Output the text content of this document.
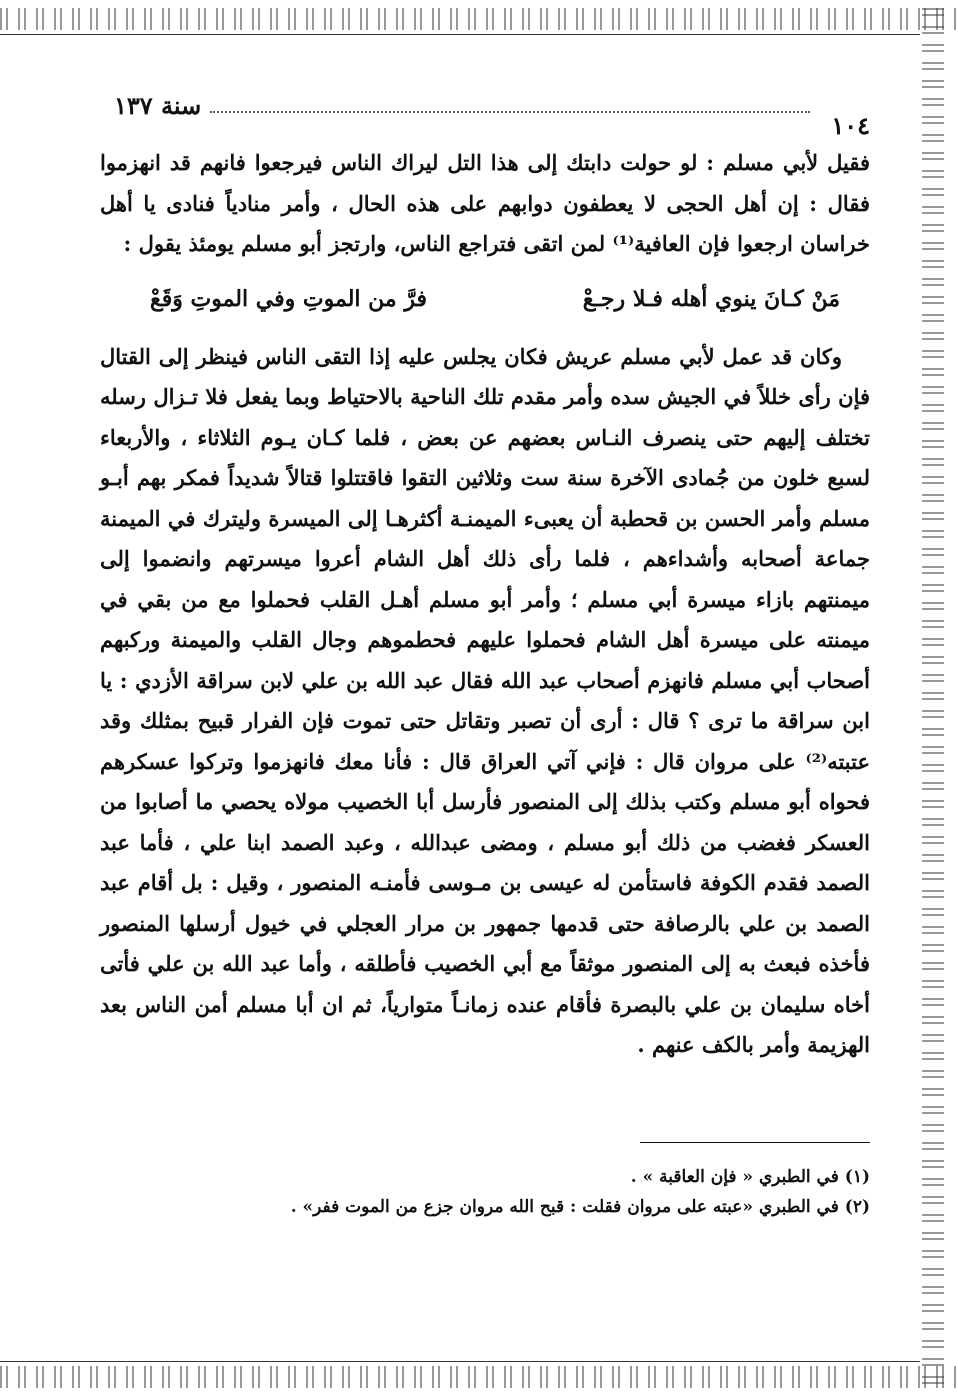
سنة ١٣٧
١٠٤

فقيل لأبي مسلم : لو حولت دابتك إلى هذا التل ليراك الناس فيرجعوا فانهم قد انهزموا فقال : إن أهل الحجى لا يعطفون دوابهم على هذه الحال ، وأمر منادياً فنادى يا أهل خراسان ارجعوا فإن العافية⁽¹⁾ لمن اتقى فتراجع الناس، وارتجز أبو مسلم يومئذ يقول :

مَنْ كـانَ ينوي أهله فـلا رجـعْ
فرَّ من الموتِ وفي الموتِ وَقَعْ

وكان قد عمل لأبي مسلم عريش فكان يجلس عليه إذا التقى الناس فينظر إلى القتال فإن رأى خللاً في الجيش سده وأمر مقدم تلك الناحية بالاحتياط وبما يفعل فلا تـزال رسله تختلف إليهم حتى ينصرف النـاس بعضهم عن بعض ، فلما كـان يـوم الثلاثاء ، والأربعاء لسبع خلون من جُمادى الآخرة سنة ست وثلاثين التقوا فاقتتلوا قتالاً شديداً فمكر بهم أبـو مسلم وأمر الحسن بن قحطبة أن يعبىء الميمنـة أكثرهـا إلى الميسرة وليترك في الميمنة جماعة أصحابه وأشداءهم ، فلما رأى ذلك أهل الشام أعروا ميسرتهم وانضموا إلى ميمنتهم بازاء ميسرة أبي مسلم ؛ وأمر أبو مسلم أهـل القلب فحملوا مع من بقي في ميمنته على ميسرة أهل الشام فحملوا عليهم فحطموهم وجال القلب والميمنة وركبهم أصحاب أبي مسلم فانهزم أصحاب عبد الله فقال عبد الله بن علي لابن سراقة الأزدي : يا ابن سراقة ما ترى ؟ قال : أرى أن تصبر وتقاتل حتى تموت فإن الفرار قبيح بمثلك وقد عتبته⁽²⁾ على مروان قال : فإني آتي العراق قال : فأنا معك فانهزموا وتركوا عسكرهم فحواه أبو مسلم وكتب بذلك إلى المنصور فأرسل أبا الخصيب مولاه يحصي ما أصابوا من العسكر فغضب من ذلك أبو مسلم ، ومضى عبدالله ، وعبد الصمد ابنا علي ، فأما عبد الصمد فقدم الكوفة فاستأمن له عيسى بن مـوسى فأمنـه المنصور ، وقيل : بل أقام عبد الصمد بن علي بالرصافة حتى قدمها جمهور بن مرار العجلي في خيول أرسلها المنصور فأخذه فبعث به إلى المنصور موثقاً مع أبي الخصيب فأطلقه ، وأما عبد الله بن علي فأتى أخاه سليمان بن علي بالبصرة فأقام عنده زمانـاً متوارياً، ثم ان أبا مسلم أمن الناس بعد الهزيمة وأمر بالكف عنهم .

(١) في الطبري « فإن العاقبة » .
(٢) في الطبري «عبته على مروان فقلت : قبح الله مروان جزع من الموت ففر» .
